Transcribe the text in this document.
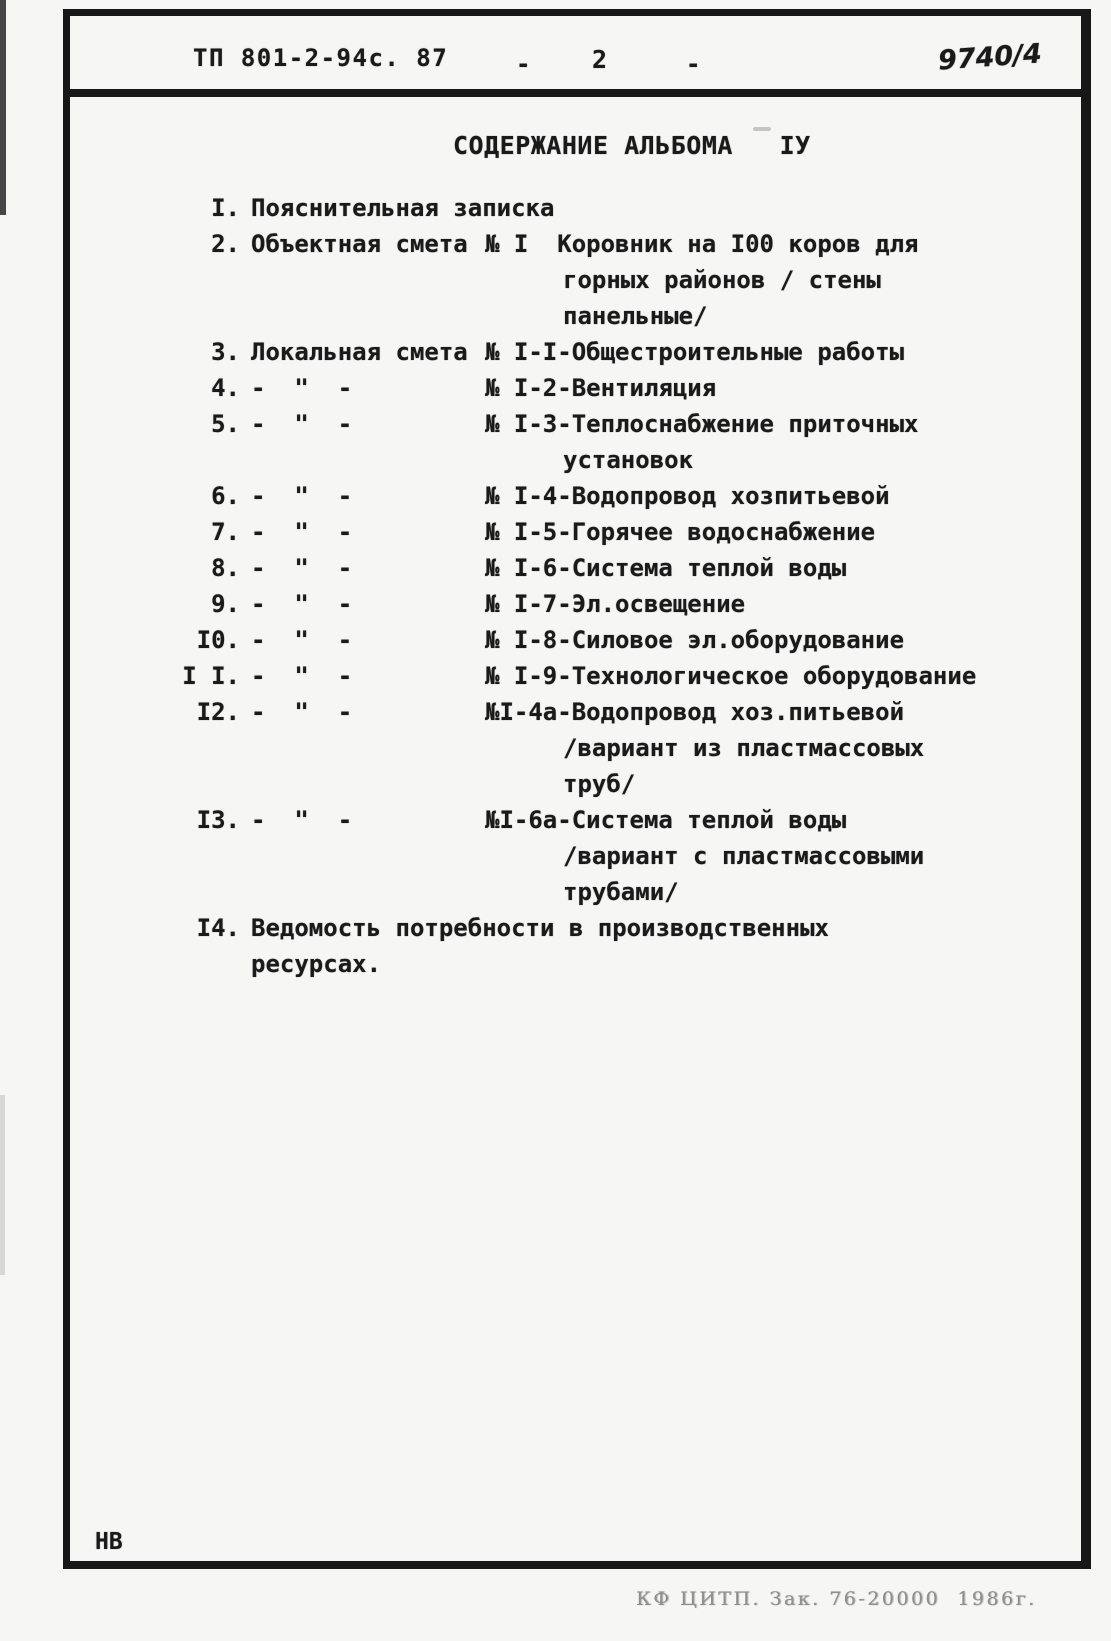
ТП 801-2-94с. 87	- 2	-	9740/4
СОДЕРЖАНИЕ АЛЬБОМА   IУ
I. Пояснительная записка
2. Объектная смета № I  Коровник на I00 коров для
горных районов / стены
панельные/
3. Локальная смета № I-I-Общестроительные работы
4. -  "  -	№ I-2-Вентиляция
5. -  "  -	№ I-3-Теплоснабжение приточных
установок
6. -  "  -	№ I-4-Водопровод хозпитьевой
7. -  "  -	№ I-5-Горячее водоснабжение
8. -  "  -	№ I-6-Система теплой воды
9. -  "  -	№ I-7-Эл.освещение
I0. -  "  -	№ I-8-Силовое эл.оборудование
I I. -  "  -	№ I-9-Технологическое оборудование
I2. -  "  -	№I-4а-Водопровод хоз.питьевой
/вариант из пластмассовых
труб/
I3. -  "  -	№I-6а-Система теплой воды
/вариант с пластмассовыми
трубами/
I4. Ведомость потребности в производственных
ресурсах.
НВ
КФ ЦИТП. Зак. 76-20000  1986г.
